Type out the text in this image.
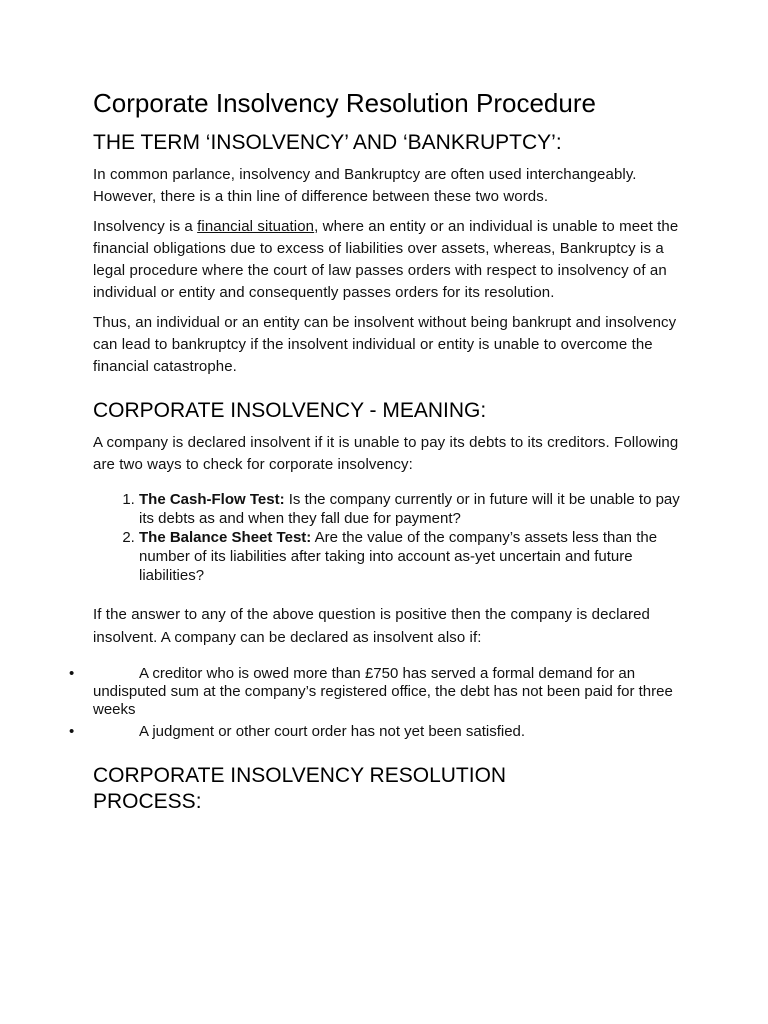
Corporate Insolvency Resolution Procedure
THE TERM ‘INSOLVENCY’ AND ‘BANKRUPTCY’:

In common parlance, insolvency and Bankruptcy are often used interchangeably. However, there is a thin line of difference between these two words.

Insolvency is a financial situation, where an entity or an individual is unable to meet the financial obligations due to excess of liabilities over assets, whereas, Bankruptcy is a legal procedure where the court of law passes orders with respect to insolvency of an individual or entity and consequently passes orders for its resolution.

Thus, an individual or an entity can be insolvent without being bankrupt and insolvency can lead to bankruptcy if the insolvent individual or entity is unable to overcome the financial catastrophe.

CORPORATE INSOLVENCY - MEANING:

A company is declared insolvent if it is unable to pay its debts to its creditors. Following are two ways to check for corporate insolvency:

1. The Cash-Flow Test: Is the company currently or in future will it be unable to pay its debts as and when they fall due for payment?
2. The Balance Sheet Test: Are the value of the company’s assets less than the number of its liabilities after taking into account as-yet uncertain and future liabilities?

If the answer to any of the above question is positive then the company is declared insolvent. A company can be declared as insolvent also if:

•	A creditor who is owed more than £750 has served a formal demand for an undisputed sum at the company’s registered office, the debt has not been paid for three weeks
•	A judgment or other court order has not yet been satisfied.
CORPORATE INSOLVENCY RESOLUTION PROCESS:
